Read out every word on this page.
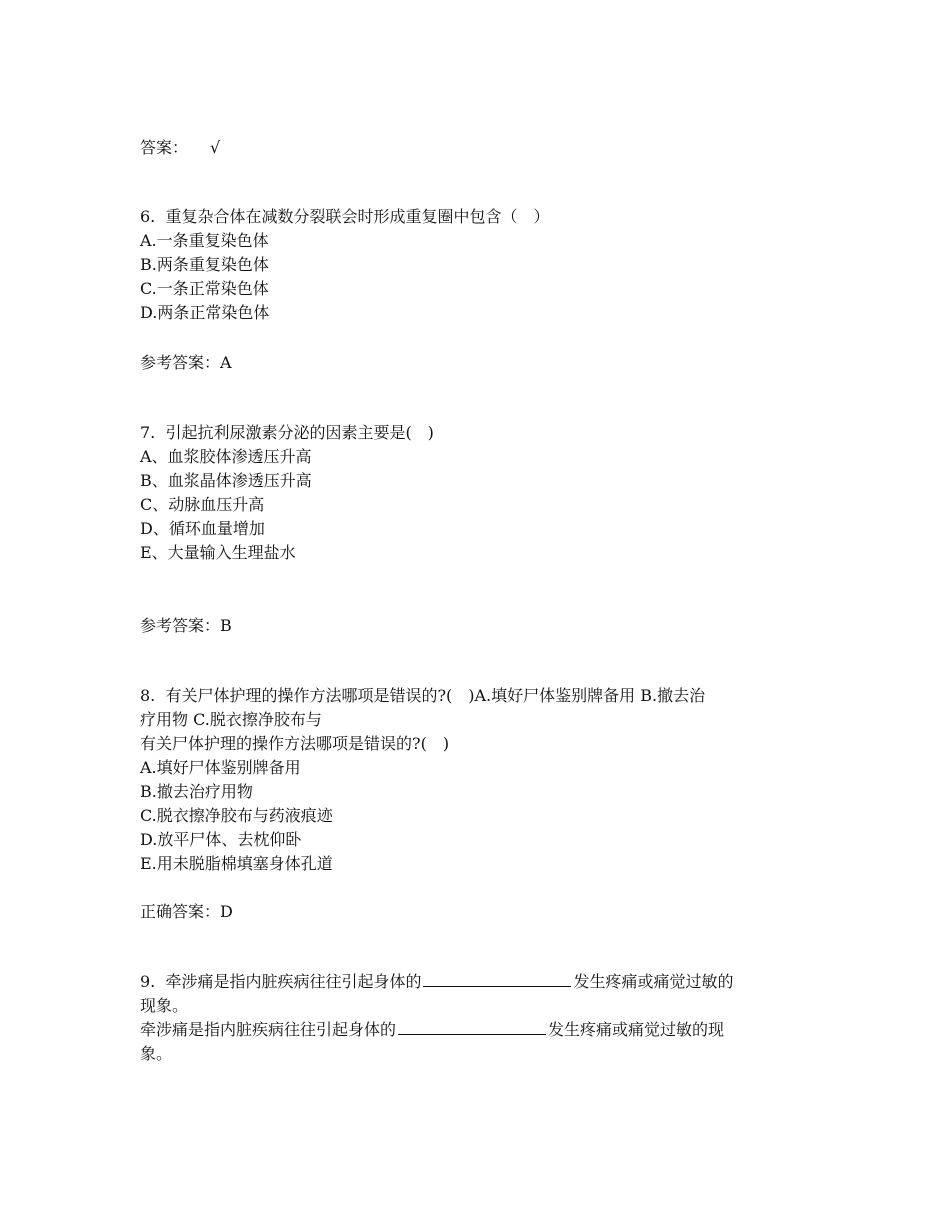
答案： √

6.  重复杂合体在减数分裂联会时形成重复圈中包含（　）

A.一条重复染色体

B.两条重复染色体

C.一条正常染色体

D.两条正常染色体

参考答案：A

7.  引起抗利尿激素分泌的因素主要是(　)

A、血浆胶体渗透压升高

B、血浆晶体渗透压升高

C、动脉血压升高

D、循环血量增加

E、大量输入生理盐水

参考答案：B

8.  有关尸体护理的操作方法哪项是错误的?(　)A.填好尸体鉴别牌备用 B.撤去治

疗用物 C.脱衣擦净胶布与

有关尸体护理的操作方法哪项是错误的?(　)

A.填好尸体鉴别牌备用

B.撤去治疗用物

C.脱衣擦净胶布与药液痕迹

D.放平尸体、去枕仰卧

E.用未脱脂棉填塞身体孔道

正确答案：D

9.  牵涉痛是指内脏疾病往往引起身体的	发生疼痛或痛觉过敏的

现象。

牵涉痛是指内脏疾病往往引起身体的	发生疼痛或痛觉过敏的现

象。
